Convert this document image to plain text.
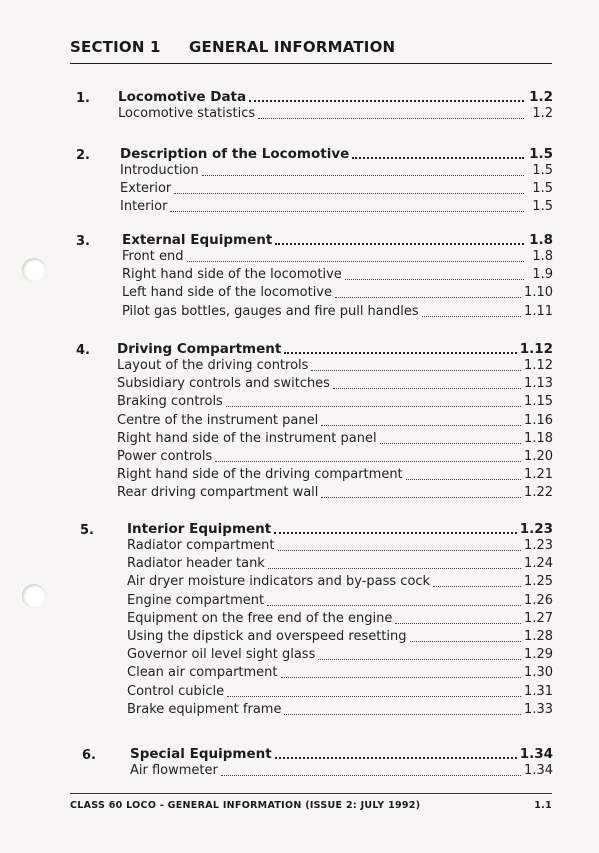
SECTION 1 GENERAL INFORMATION
1. Locomotive Data	1.2
Locomotive statistics	1.2
2. Description of the Locomotive	1.5
Introduction	1.5
Exterior	1.5
Interior	1.5
3. External Equipment	1.8
Front end	1.8
Right hand side of the locomotive	1.9
Left hand side of the locomotive	1.10
Pilot gas bottles, gauges and fire pull handles	1.11
4. Driving Compartment	1.12
Layout of the driving controls	1.12
Subsidiary controls and switches	1.13
Braking controls	1.15
Centre of the instrument panel	1.16
Right hand side of the instrument panel	1.18
Power controls	1.20
Right hand side of the driving compartment	1.21
Rear driving compartment wall	1.22
5. Interior Equipment	1.23
Radiator compartment	1.23
Radiator header tank	1.24
Air dryer moisture indicators and by-pass cock	1.25
Engine compartment	1.26
Equipment on the free end of the engine	1.27
Using the dipstick and overspeed resetting	1.28
Governor oil level sight glass	1.29
Clean air compartment	1.30
Control cubicle	1.31
Brake equipment frame	1.33
6.	Special Equipment	1.34
Air flowmeter	1.34
CLASS 60 LOCO - GENERAL INFORMATION (ISSUE 2: JULY 1992)	1.1
